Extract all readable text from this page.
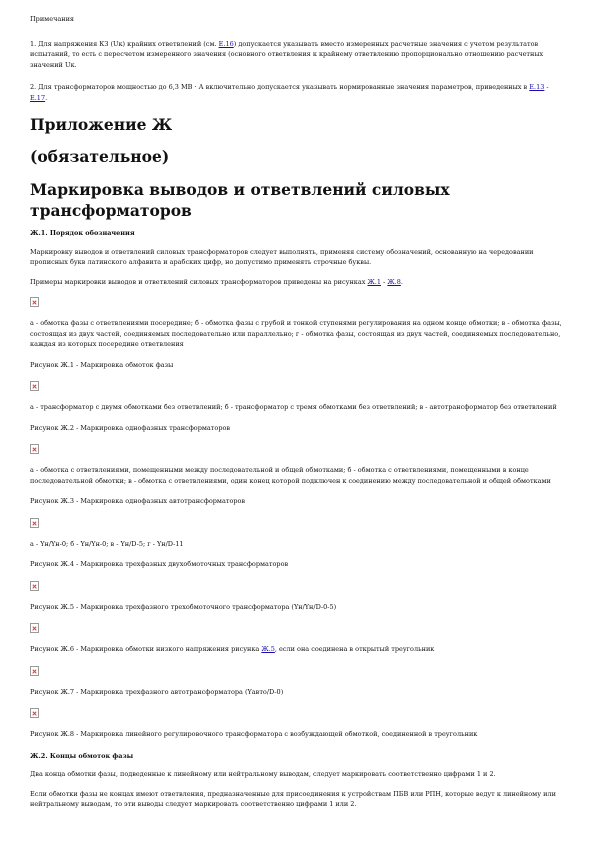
Примечания

1. Для напряжения КЗ (Uк) крайних ответвлений (см. Е.16) допускается указывать вместо измеренных расчетные значения с учетом результатов испытаний, то есть с пересчетом измеренного значения (основного ответвления к крайнему ответвлению пропорционально отношению расчетных значений Uк.

2. Для трансформаторов мощностью до 6,3 МВ · А включительно допускается указывать нормированные значения параметров, приведенных в Е.13 - Е.17.

Приложение Ж
(обязательное)
Маркировка выводов и ответвлений силовых трансформаторов

Ж.1. Порядок обозначения

Маркировку выводов и ответвлений силовых трансформаторов следует выполнять, применяя систему обозначений, основанную на чередовании прописных букв латинского алфавита и арабских цифр, но допустимо применять строчные буквы.

Примеры маркировки выводов и ответвлений силовых трансформаторов приведены на рисунках Ж.1 - Ж.8.

а - обмотка фазы с ответвлениями посередине; б - обмотка фазы с грубой и тонкой ступенями регулирования на одном конце обмотки; в - обмотка фазы, состоящая из двух частей, соединяемых последовательно или параллельно; г - обмотка фазы, состоящая из двух частей, соединяемых последовательно, каждая из которых посередине ответвления

Рисунок Ж.1 - Маркировка обмоток фазы

а - трансформатор с двумя обмотками без ответвлений; б - трансформатор с тремя обмотками без ответвлений; в - автотрансформатор без ответвлений

Рисунок Ж.2 - Маркировка однофазных трансформаторов

а - обмотка с ответвлениями, помещенными между последовательной и общей обмотками; б - обмотка с ответвлениями, помещенными в конце последовательной обмотки; в - обмотка с ответвлениями, один конец которой подключен к соединению между последовательной и общей обмотками

Рисунок Ж.3 - Маркировка однофазных автотрансформаторов

а - Yн/Yн-0; б - Yн/Yн-0; в - Yн/D-5; г - Yн/D-11

Рисунок Ж.4 - Маркировка трехфазных двухобмоточных трансформаторов

Рисунок Ж.5 - Маркировка трехфазного трехобмоточного трансформатора (Yн/Yн/D-0-5)

Рисунок Ж.6 - Маркировка обмотки низкого напряжения рисунка Ж.5, если она соединена в открытый треугольник

Рисунок Ж.7 - Маркировка трехфазного автотрансформатора (Yавто/D-0)

Рисунок Ж.8 - Маркировка линейного регулировочного трансформатора с возбуждающей обмоткой, соединенной в треугольник

Ж.2. Концы обмоток фазы

Два конца обмотки фазы, подведенные к линейному или нейтральному выводам, следует маркировать соответственно цифрами 1 и 2.

Если обмотки фазы не концах имеют ответвления, предназначенные для присоединения к устройствам ПБВ или РПН, которые ведут к линейному или нейтральному выводам, то эти выводы следует маркировать соответственно цифрами 1 или 2.
